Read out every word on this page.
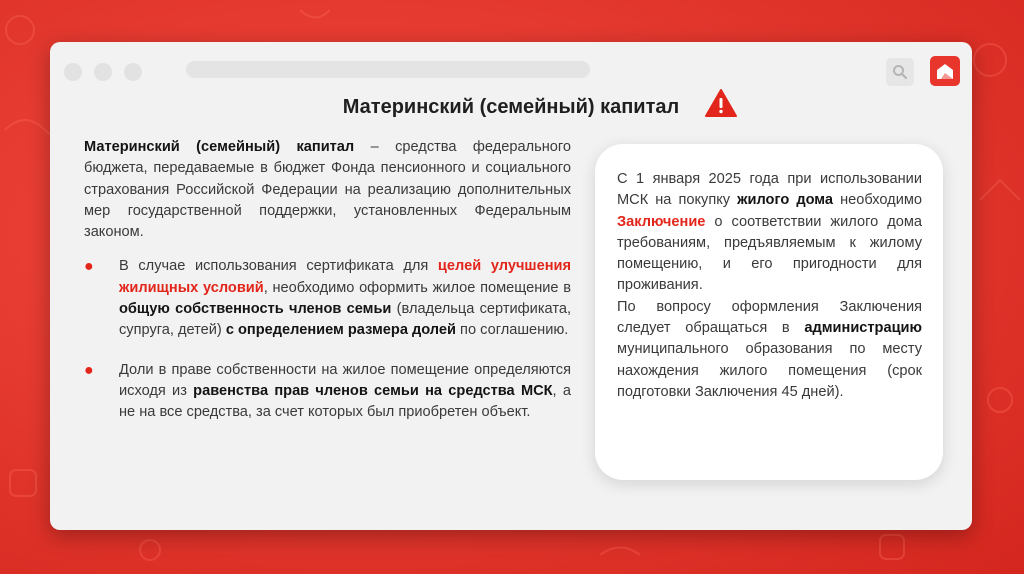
Материнский (семейный) капитал

Материнский (семейный) капитал – средства федерального бюджета, передаваемые в бюджет Фонда пенсионного и социального страхования Российской Федерации на реализацию дополнительных мер государственной поддержки, установленных Федеральным законом.

● В случае использования сертификата для целей улучшения жилищных условий, необходимо оформить жилое помещение в общую собственность членов семьи (владельца сертификата, супруга, детей) с определением размера долей по соглашению.
● Доли в праве собственности на жилое помещение определяются исходя из равенства прав членов семьи на средства МСК, а не на все средства, за счет которых был приобретен объект.

С 1 января 2025 года при использовании МСК на покупку жилого дома необходимо Заключение о соответствии жилого дома требованиям, предъявляемым к жилому помещению, и его пригодности для проживания.

По вопросу оформления Заключения следует обращаться в администрацию муниципального образования по месту нахождения жилого помещения (срок подготовки Заключения 45 дней).
